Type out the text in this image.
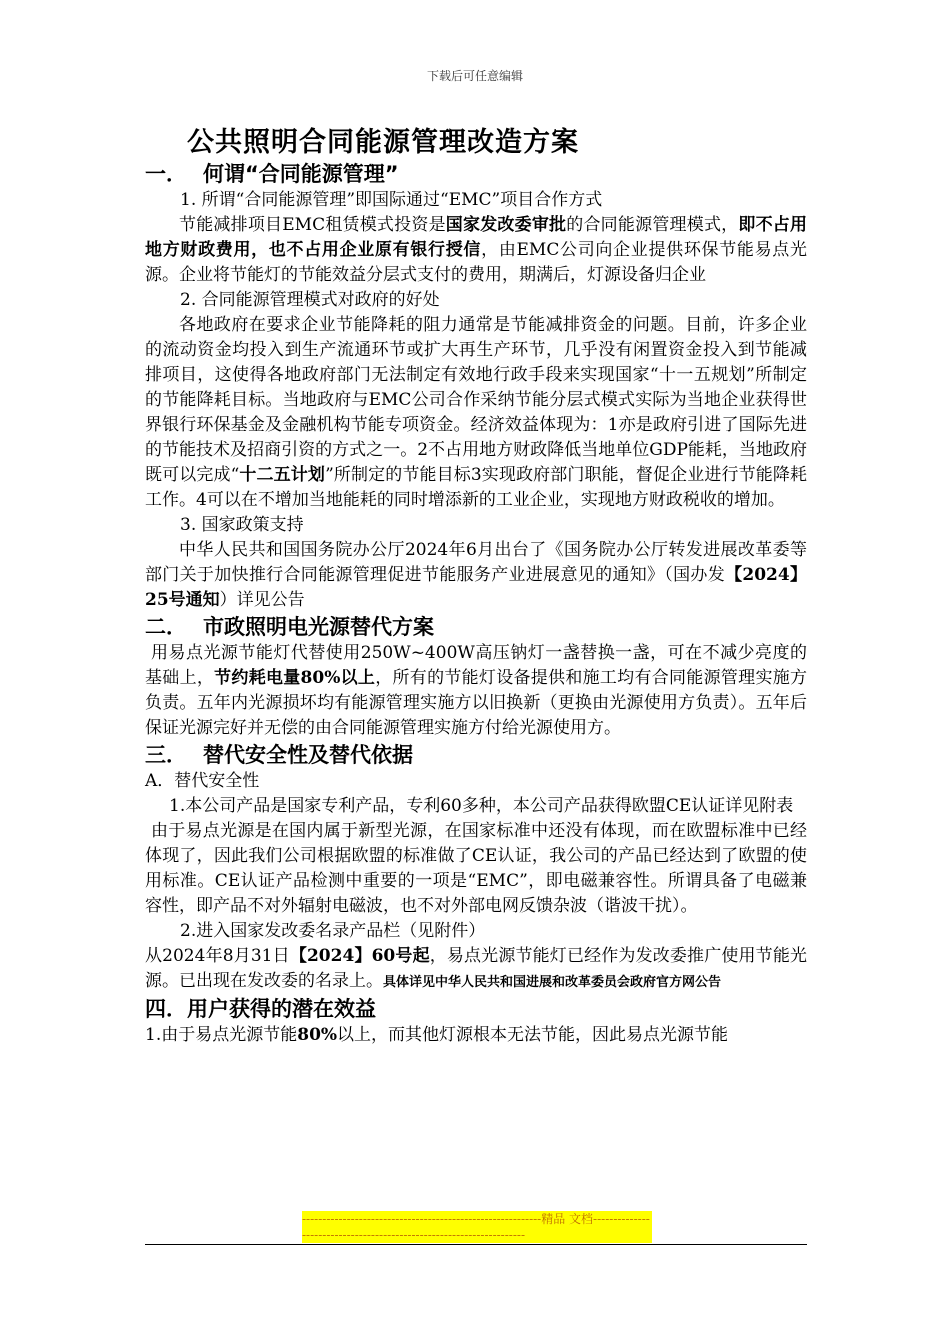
下载后可任意编辑
公共照明合同能源管理改造方案
一． 何谓“合同能源管理”
1. 所谓“合同能源管理”即国际通过“EMC”项目合作方式
节能减排项目EMC租赁模式投资是国家发改委审批的合同能源管理模式，即不占用地方财政费用，也不占用企业原有银行授信，由EMC公司向企业提供环保节能易点光源。企业将节能灯的节能效益分层式支付的费用，期满后，灯源设备归企业
2. 合同能源管理模式对政府的好处
各地政府在要求企业节能降耗的阻力通常是节能减排资金的问题。目前，许多企业的流动资金均投入到生产流通环节或扩大再生产环节，几乎没有闲置资金投入到节能减排项目，这使得各地政府部门无法制定有效地行政手段来实现国家“十一五规划”所制定的节能降耗目标。当地政府与EMC公司合作采纳节能分层式模式实际为当地企业获得世界银行环保基金及金融机构节能专项资金。经济效益体现为：1亦是政府引进了国际先进的节能技术及招商引资的方式之一。2不占用地方财政降低当地单位GDP能耗，当地政府既可以完成“十二五计划”所制定的节能目标3实现政府部门职能，督促企业进行节能降耗工作。4可以在不增加当地能耗的同时增添新的工业企业，实现地方财政税收的增加。
3. 国家政策支持
中华人民共和国国务院办公厅2024年6月出台了《国务院办公厅转发进展改革委等部门关于加快推行合同能源管理促进节能服务产业进展意见的通知》（国办发【2024】25号通知）详见公告
二． 市政照明电光源替代方案
用易点光源节能灯代替使用250W~400W高压钠灯一盏替换一盏，可在不减少亮度的基础上，节约耗电量80%以上，所有的节能灯设备提供和施工均有合同能源管理实施方负责。五年内光源损坏均有能源管理实施方以旧换新（更换由光源使用方负责）。五年后保证光源完好并无偿的由合同能源管理实施方付给光源使用方。
三． 替代安全性及替代依据
A．替代安全性
1.本公司产品是国家专利产品，专利60多种，本公司产品获得欧盟CE认证详见附表
由于易点光源是在国内属于新型光源，在国家标准中还没有体现，而在欧盟标准中已经体现了，因此我们公司根据欧盟的标准做了CE认证，我公司的产品已经达到了欧盟的使用标准。CE认证产品检测中重要的一项是“EMC”，即电磁兼容性。所谓具备了电磁兼容性，即产品不对外辐射电磁波，也不对外部电网反馈杂波（谐波干扰）。
2.进入国家发改委名录产品栏（见附件）
从2024年8月31日【2024】60号起，易点光源节能灯已经作为发改委推广使用节能光源。已出现在发改委的名录上。具体详见中华人民共和国进展和改革委员会政府官方网公告
四．用户获得的潜在效益
1.由于易点光源节能80%以上，而其他灯源根本无法节能，因此易点光源节能
-----------------------------------------------------------精品 文档---------------------------------------------------------------------
